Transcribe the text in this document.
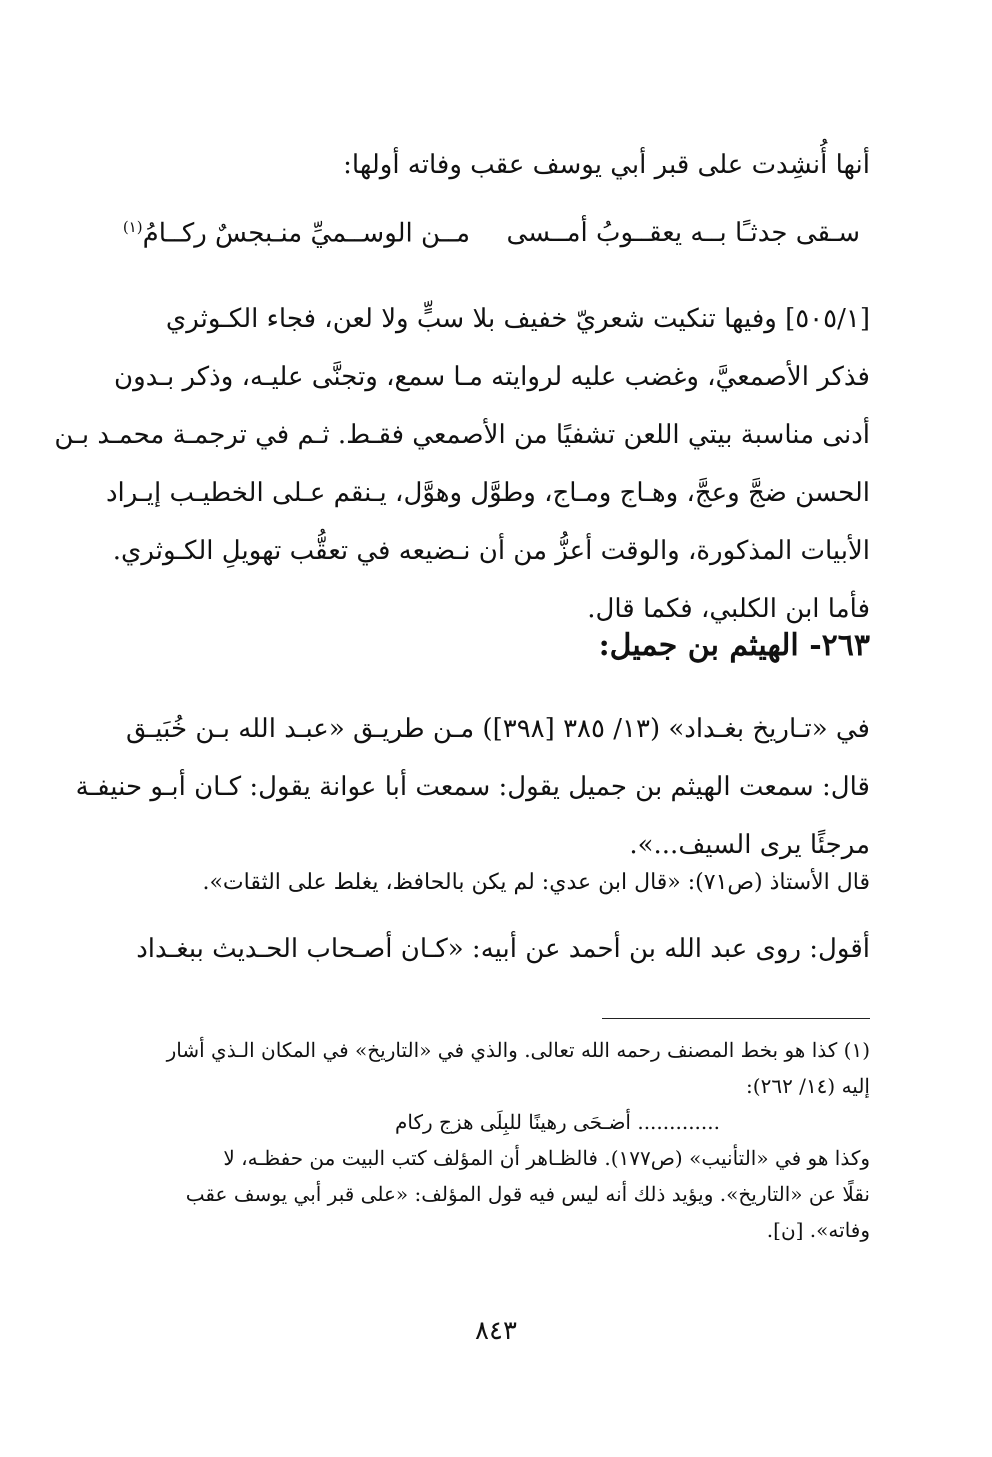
أنها أُنشِدت على قبر أبي يوسف عقب وفاته أولها:
سـقى جدثـًا بــه يعقــوبُ أمــسى
مــن الوســميِّ منـبجسٌ ركــامُ$^{(١)}$
[٥٠٥/١] وفيها تنكيت شعريّ خفيف بلا سبٍّ ولا لعن، فجاء الكـوثري
فذكر الأصمعيَّ، وغضب عليه لروايته مـا سمع، وتجنَّى عليـه، وذكر بـدون
أدنى مناسبة بيتي اللعن تشفيًا من الأصمعي فقـط. ثـم في ترجمـة محمـد بـن
الحسن ضجَّ وعجَّ، وهـاج ومـاج، وطوَّل وهوَّل، يـنقم عـلى الخطيـب إيـراد
الأبيات المذكورة، والوقت أعزُّ من أن نـضيعه في تعقُّب تهويلِ الكـوثري.
فأما ابن الكلبي، فكما قال.
٢٦٣- الهيثم بن جميل:
في «تـاريخ بغـداد» (١٣/ ٣٨٥ [٣٩٨]) مـن طريـق «عبـد الله بـن خُبَيـق
قال: سمعت الهيثم بن جميل يقول: سمعت أبا عوانة يقول: كـان أبـو حنيفـة
مرجئًا يرى السيف...».
قال الأستاذ (ص٧١): «قال ابن عدي: لم يكن بالحافظ، يغلط على الثقات».
أقول: روى عبد الله بن أحمد عن أبيه: «كـان أصـحاب الحـديث ببغـداد
(١) كذا هو بخط المصنف رحمه الله تعالى. والذي في «التاريخ» في المكان الـذي أشار
إليه (١٤/ ٢٦٢):
............. أضـحَى رهينًا للبِلَى هزج ركام
وكذا هو في «التأنيب» (ص١٧٧). فالظـاهر أن المؤلف كتب البيت من حفظـه، لا
نقلًا عن «التاريخ». ويؤيد ذلك أنه ليس فيه قول المؤلف: «على قبر أبي يوسف عقب
وفاته». [ن].
٨٤٣
